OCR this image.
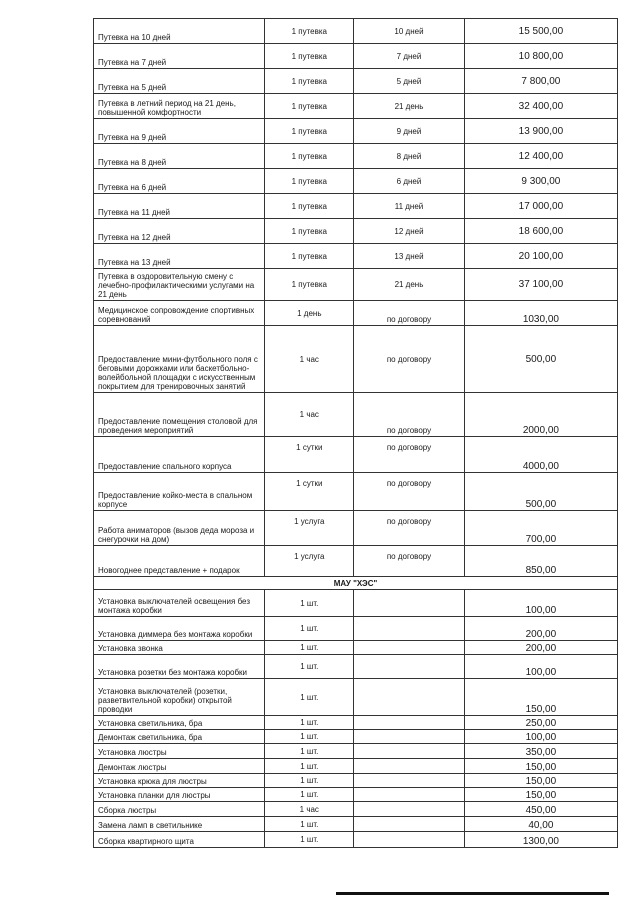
Путевка на 10 дней	1 путевка	10 дней	15 500,00
Путевка на 7 дней	1 путевка	7 дней	10 800,00
Путевка на 5 дней	1 путевка	5 дней	7 800,00
Путевка в летний период на 21 день, повышенной комфортности	1 путевка	21 день	32 400,00
Путевка на 9 дней	1 путевка	9 дней	13 900,00
Путевка на 8 дней	1 путевка	8 дней	12 400,00
Путевка на 6 дней	1 путевка	6 дней	9 300,00
Путевка на 11 дней	1 путевка	11 дней	17 000,00
Путевка на 12 дней	1 путевка	12 дней	18 600,00
Путевка на 13 дней	1 путевка	13 дней	20 100,00
Путевка в оздоровительную смену с лечебно-профилактическими услугами на 21 день	1 путевка	21 день	37 100,00
Медицинское сопровождение спортивных соревнований	1 день	по договору	1030,00
Предоставление мини-футбольного поля с беговыми дорожками или баскетбольно-волейбольной площадки с искусственным покрытием для тренировочных занятий	1 час	по договору	500,00
Предоставление помещения столовой для проведения мероприятий	1 час	по договору	2000,00
Предоставление спального корпуса	1 сутки	по договору	4000,00
Предоставление койко-места в спальном корпусе	1 сутки	по договору	500,00
Работа аниматоров (вызов деда мороза и снегурочки на дом)	1 услуга	по договору	700,00
Новогоднее представление + подарок	1 услуга	по договору	850,00
МАУ "ХЭС"			
Установка выключателей освещения без монтажа коробки	1 шт.		100,00
Установка диммера без монтажа коробки	1 шт.		200,00
Установка звонка	1 шт.		200,00
Установка розетки без монтажа коробки	1 шт.		100,00
Установка выключателей (розетки, разветвительной коробки) открытой проводки	1 шт.		150,00
Установка светильника, бра	1 шт.		250,00
Демонтаж светильника, бра	1 шт.		100,00
Установка люстры	1 шт.		350,00
Демонтаж люстры	1 шт.		150,00
Установка крюка для люстры	1 шт.		150,00
Установка планки для люстры	1 шт.		150,00
Сборка люстры	1 час		450,00
Замена ламп в светильнике	1 шт.		40,00
Сборка квартирного щита	1 шт.		1300,00
